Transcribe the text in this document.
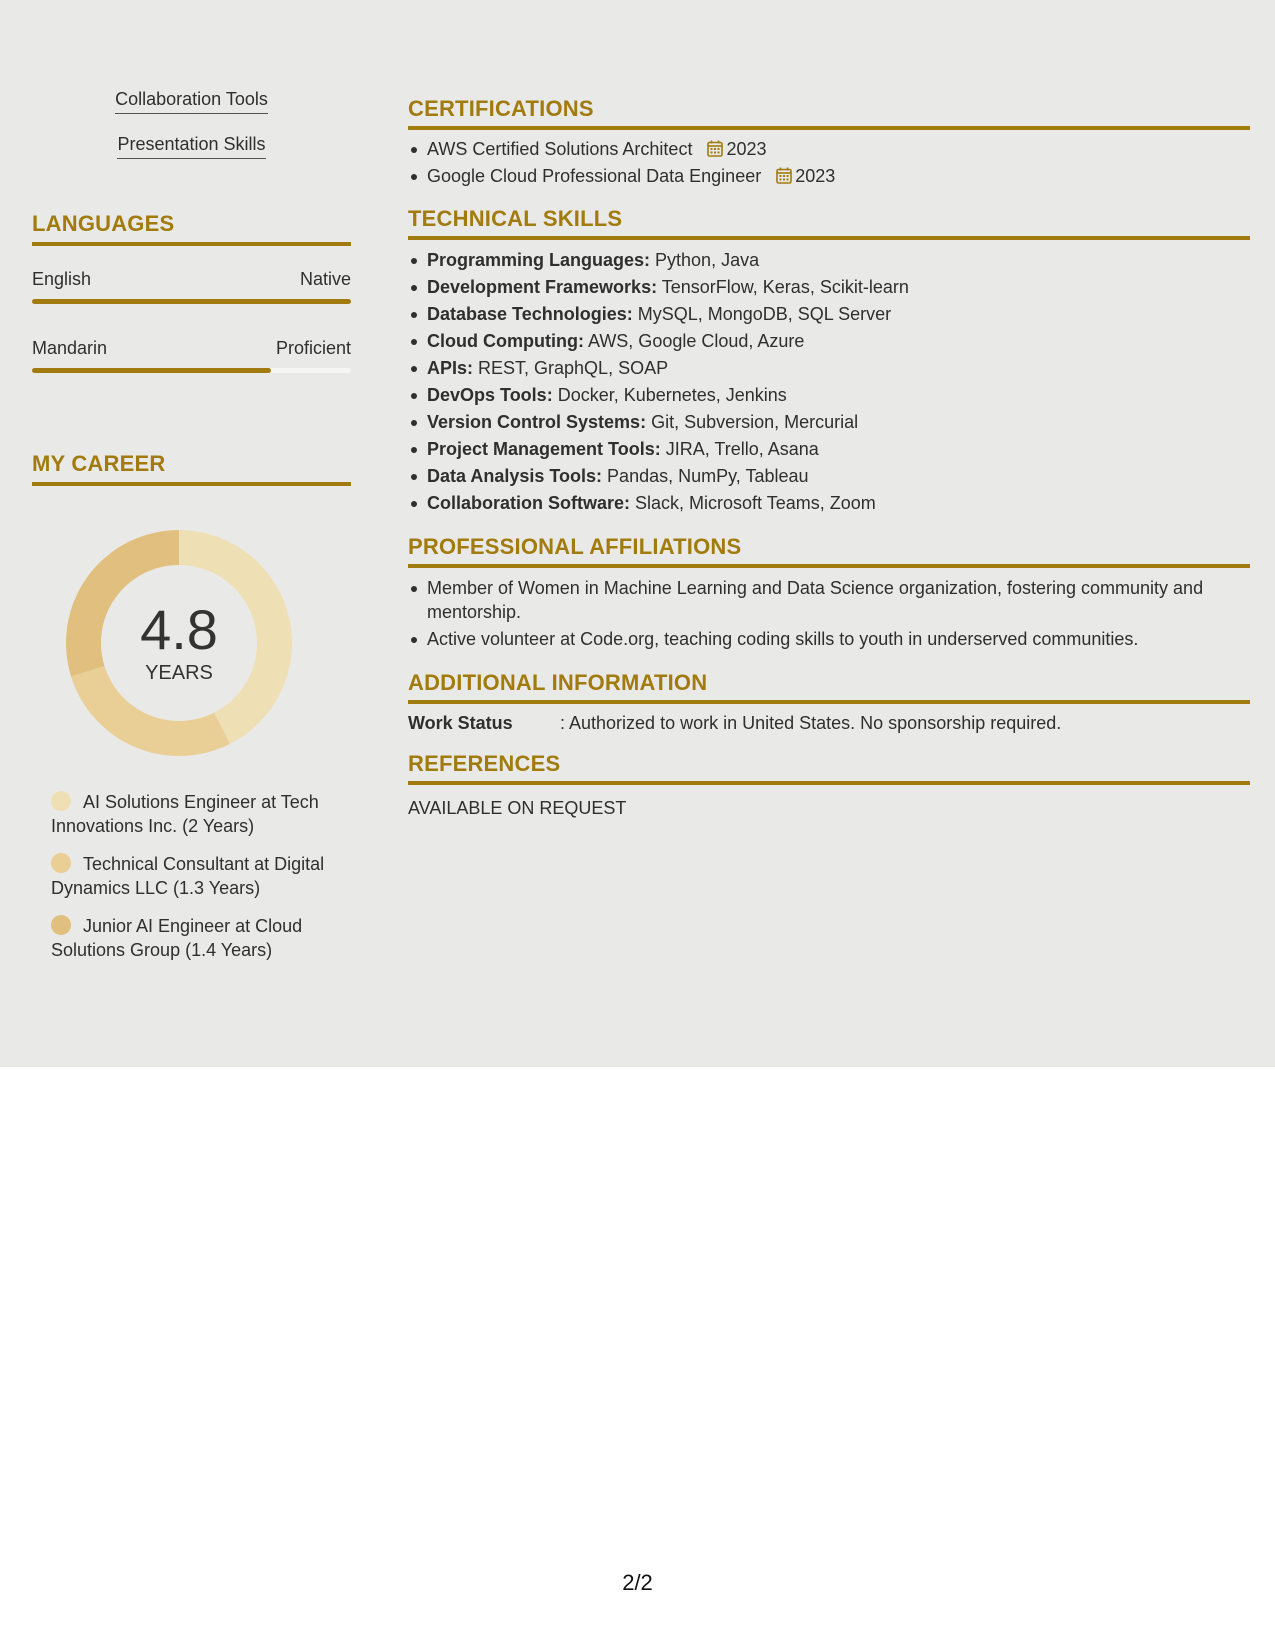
Collaboration Tools
Presentation Skills
LANGUAGES
English	Native
Mandarin	Proficient
MY CAREER
4.8
YEARS
AI Solutions Engineer at Tech Innovations Inc. (2 Years)
Technical Consultant at Digital Dynamics LLC (1.3 Years)
Junior AI Engineer at Cloud Solutions Group (1.4 Years)
CERTIFICATIONS
AWS Certified Solutions Architect 2023
Google Cloud Professional Data Engineer 2023
TECHNICAL SKILLS
Programming Languages: Python, Java
Development Frameworks: TensorFlow, Keras, Scikit-learn
Database Technologies: MySQL, MongoDB, SQL Server
Cloud Computing: AWS, Google Cloud, Azure
APIs: REST, GraphQL, SOAP
DevOps Tools: Docker, Kubernetes, Jenkins
Version Control Systems: Git, Subversion, Mercurial
Project Management Tools: JIRA, Trello, Asana
Data Analysis Tools: Pandas, NumPy, Tableau
Collaboration Software: Slack, Microsoft Teams, Zoom
PROFESSIONAL AFFILIATIONS
Member of Women in Machine Learning and Data Science organization, fostering community and mentorship.
Active volunteer at Code.org, teaching coding skills to youth in underserved communities.
ADDITIONAL INFORMATION
Work Status	: Authorized to work in United States. No sponsorship required.
REFERENCES
AVAILABLE ON REQUEST
2/2
